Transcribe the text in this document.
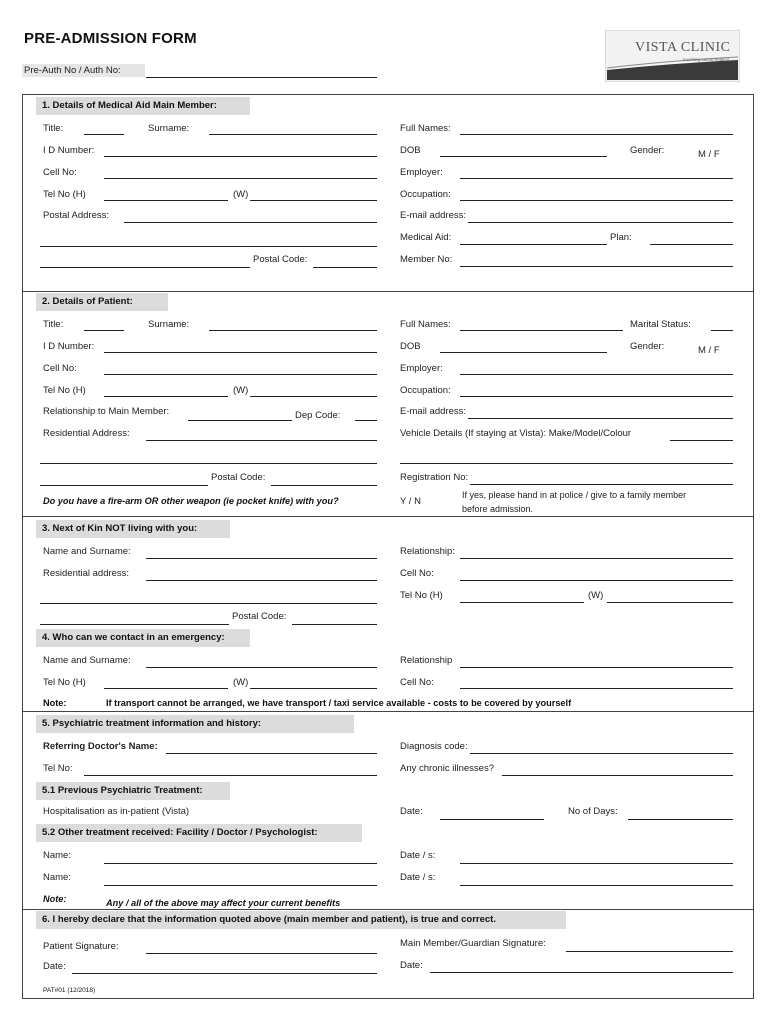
PRE-ADMISSION FORM
Pre-Auth No / Auth No:
VISTA CLINIC
touching caring healing
1. Details of Medical Aid Main Member:
Title:	Surname:	Full Names:
I D Number:	DOB	Gender:	M / F
Cell No:	Employer:
Tel No (H)	(W)	Occupation:
Postal Address:	E-mail address:
Medical Aid:	Plan:
Postal Code:	Member No:
2. Details of Patient:
Title:	Surname:	Full Names:	Marital Status:
I D Number:	DOB	Gender:	M / F
Cell No:	Employer:
Tel No (H)	(W)	Occupation:
Relationship to Main Member:	Dep Code:	E-mail address:
Residential Address:	Vehicle Details (If staying at Vista): Make/Model/Colour
Postal Code:	Registration No:
Do you have a fire-arm OR other weapon (ie pocket knife) with you?	Y / N
If yes, please hand in at police / give to a family member
before admission.
3. Next of Kin NOT living with you:
Name and Surname:	Relationship:
Residential address:	Cell No:
Tel No (H)	(W)
Postal Code:
4. Who can we contact in an emergency:
Name and Surname:	Relationship
Tel No (H)	(W)	Cell No:
Note:	If transport cannot be arranged, we have transport / taxi service available - costs to be covered by yourself
5. Psychiatric treatment information and history:
Referring Doctor's Name:	Diagnosis code:
Tel No:	Any chronic illnesses?
5.1 Previous Psychiatric Treatment:
Hospitalisation as in-patient (Vista)	Date:	No of Days:
5.2 Other treatment received: Facility / Doctor / Psychologist:
Name:	Date / s:
Name:	Date / s:
Note:	Any / all of the above may affect your current benefits
6. I hereby declare that the information quoted above (main member and patient), is true and correct.
Patient Signature:	Main Member/Guardian Signature:
Date:	Date:
PAT#01 (12/2018)
